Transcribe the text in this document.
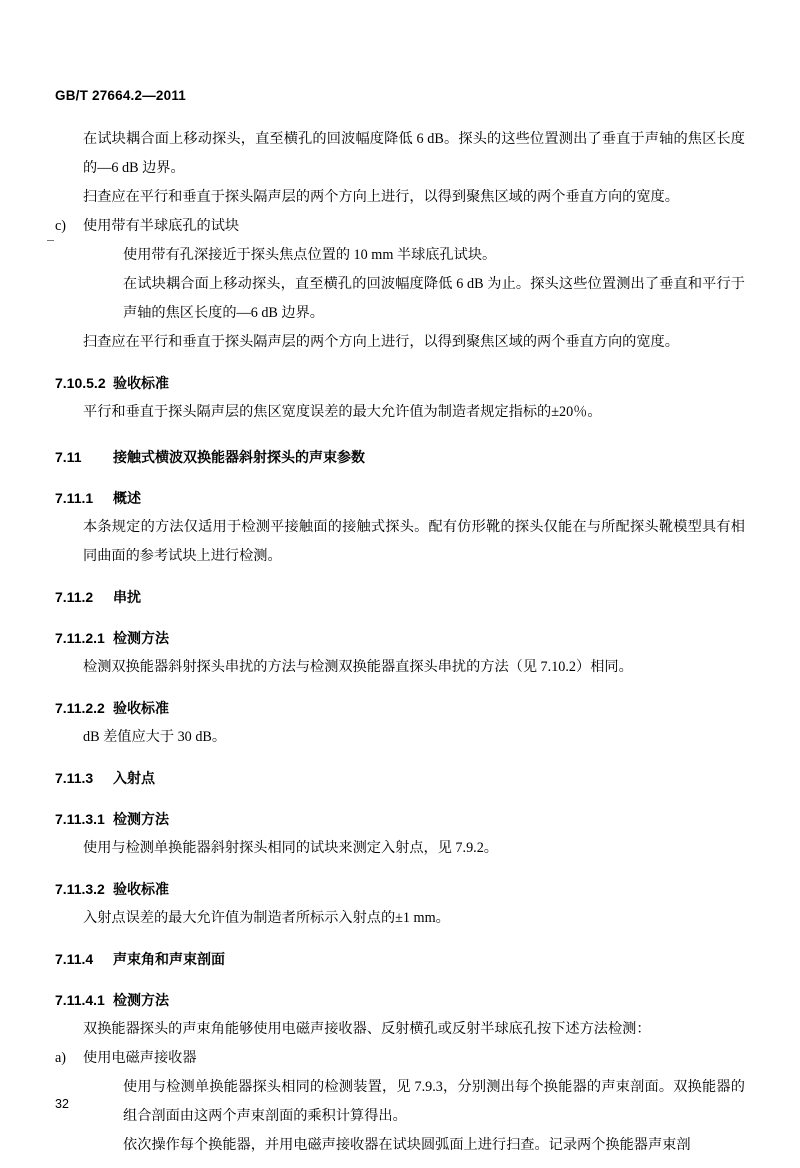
GB/T 27664.2—2011

在试块耦合面上移动探头，直至横孔的回波幅度降低 6 dB。探头的这些位置测出了垂直于声轴的焦区长度的—6 dB 边界。

扫查应在平行和垂直于探头隔声层的两个方向上进行，以得到聚焦区域的两个垂直方向的宽度。

c)	使用带有半球底孔的试块

使用带有孔深接近于探头焦点位置的 10 mm 半球底孔试块。

在试块耦合面上移动探头，直至横孔的回波幅度降低 6 dB 为止。探头这些位置测出了垂直和平行于声轴的焦区长度的—6 dB 边界。

扫查应在平行和垂直于探头隔声层的两个方向上进行，以得到聚焦区域的两个垂直方向的宽度。

7.10.5.2 验收标准

平行和垂直于探头隔声层的焦区宽度误差的最大允许值为制造者规定指标的±20％。

7.11 接触式横波双换能器斜射探头的声束参数
7.11.1 概述

本条规定的方法仅适用于检测平接触面的接触式探头。配有仿形靴的探头仅能在与所配探头靴模型具有相同曲面的参考试块上进行检测。

7.11.2 串扰
7.11.2.1 检测方法

检测双换能器斜射探头串扰的方法与检测双换能器直探头串扰的方法（见 7.10.2）相同。

7.11.2.2 验收标准

dB 差值应大于 30 dB。

7.11.3 入射点
7.11.3.1 检测方法

使用与检测单换能器斜射探头相同的试块来测定入射点，见 7.9.2。

7.11.3.2 验收标准

入射点误差的最大允许值为制造者所标示入射点的±1 mm。

7.11.4 声束角和声束剖面
7.11.4.1 检测方法

双换能器探头的声束角能够使用电磁声接收器、反射横孔或反射半球底孔按下述方法检测：

a)	使用电磁声接收器

使用与检测单换能器探头相同的检测装置，见 7.9.3，分别测出每个换能器的声束剖面。双换能器的组合剖面由这两个声束剖面的乘积计算得出。

依次操作每个换能器，并用电磁声接收器在试块圆弧面上进行扫查。记录两个换能器声束剖

32
